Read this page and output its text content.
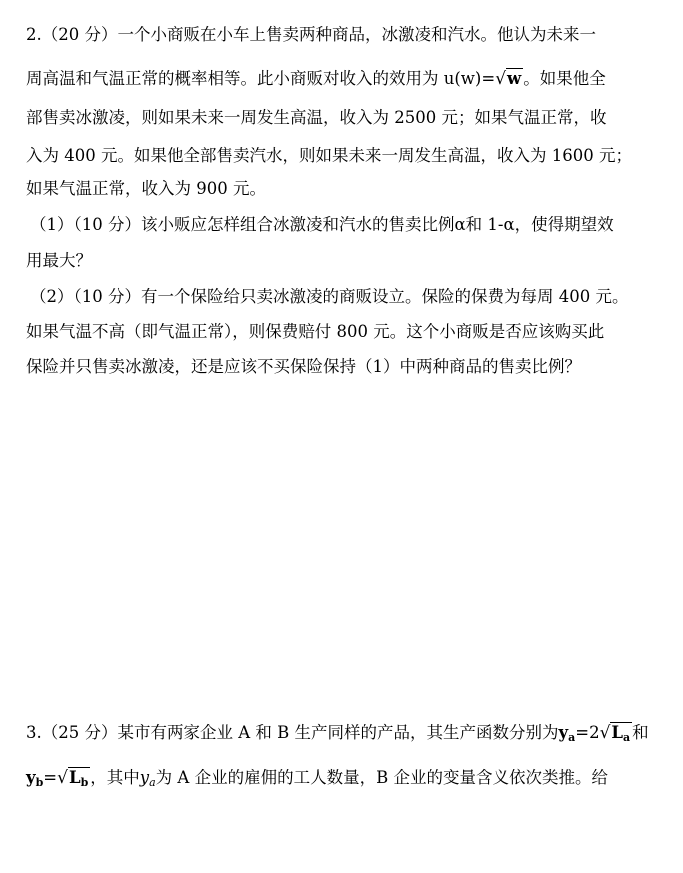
2.（20 分）一个小商贩在小车上售卖两种商品，冰激凌和汽水。他认为未来一
周高温和气温正常的概率相等。此小商贩对收入的效用为 u(w)=√w 。如果他全
部售卖冰激凌，则如果未来一周发生高温，收入为 2500 元；如果气温正常，收
入为 400 元。如果他全部售卖汽水，则如果未来一周发生高温，收入为 1600 元；
如果气温正常，收入为 900 元。
（1）（10 分）该小贩应怎样组合冰激凌和汽水的售卖比例α和 1-α，使得期望效
用最大？
（2）（10 分）有一个保险给只卖冰激凌的商贩设立。保险的保费为每周 400 元。
如果气温不高（即气温正常），则保费赔付 800 元。这个小商贩是否应该购买此
保险并只售卖冰激凌，还是应该不买保险保持（1）中两种商品的售卖比例？
3.（25 分）某市有两家企业 A 和 B 生产同样的产品，其生产函数分别为$y_a=2√L_a$ 和
$y_b=√L_b$ ，其中$y_a$为 A 企业的雇佣的工人数量，B 企业的变量含义依次类推。给
